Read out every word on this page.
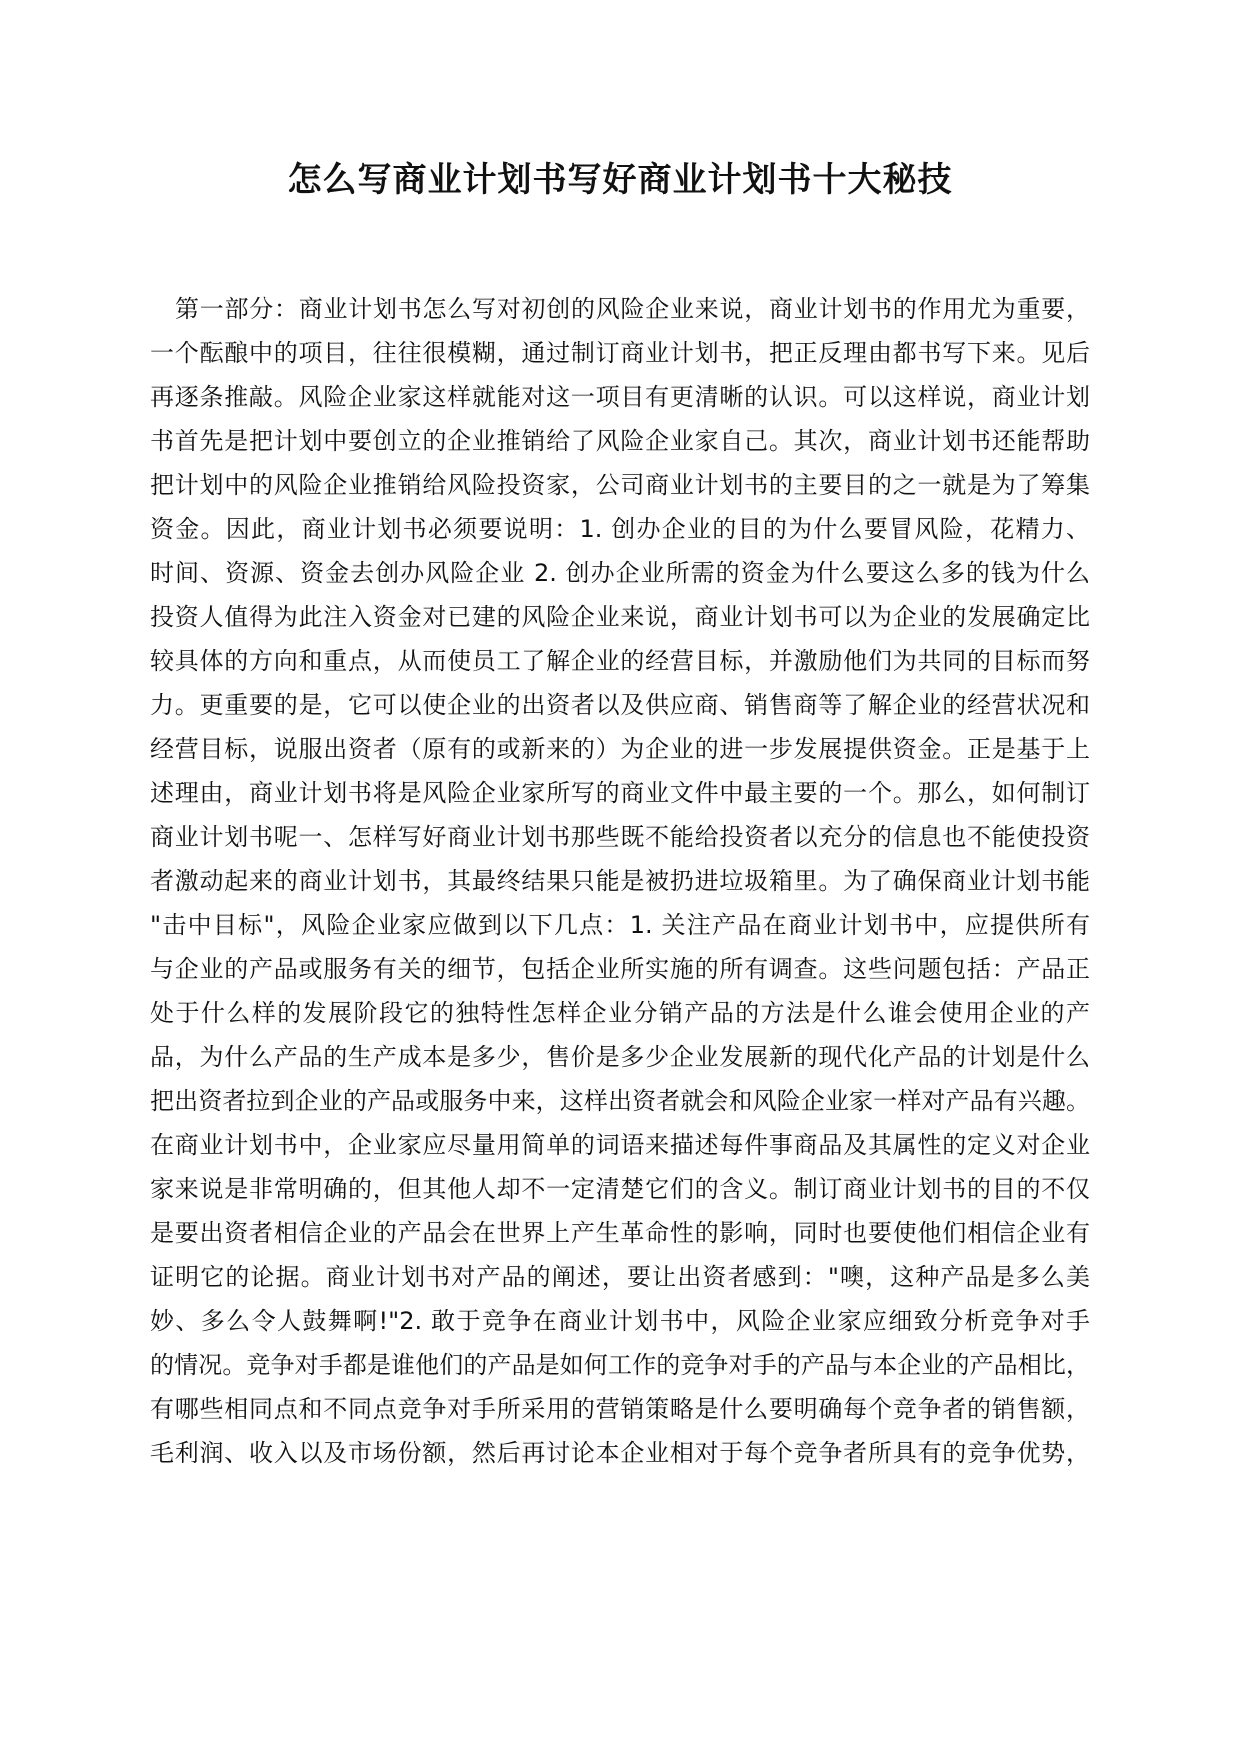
怎么写商业计划书写好商业计划书十大秘技
第一部分：商业计划书怎么写对初创的风险企业来说，商业计划书的作用尤为重要，
一个酝酿中的项目，往往很模糊，通过制订商业计划书，把正反理由都书写下来。见后
再逐条推敲。风险企业家这样就能对这一项目有更清晰的认识。可以这样说，商业计划
书首先是把计划中要创立的企业推销给了风险企业家自己。其次，商业计划书还能帮助
把计划中的风险企业推销给风险投资家，公司商业计划书的主要目的之一就是为了筹集
资金。因此，商业计划书必须要说明：1. 创办企业的目的为什么要冒风险，花精力、
时间、资源、资金去创办风险企业 2. 创办企业所需的资金为什么要这么多的钱为什么
投资人值得为此注入资金对已建的风险企业来说，商业计划书可以为企业的发展确定比
较具体的方向和重点，从而使员工了解企业的经营目标，并激励他们为共同的目标而努
力。更重要的是，它可以使企业的出资者以及供应商、销售商等了解企业的经营状况和
经营目标，说服出资者（原有的或新来的）为企业的进一步发展提供资金。正是基于上
述理由，商业计划书将是风险企业家所写的商业文件中最主要的一个。那么，如何制订
商业计划书呢一、怎样写好商业计划书那些既不能给投资者以充分的信息也不能使投资
者激动起来的商业计划书，其最终结果只能是被扔进垃圾箱里。为了确保商业计划书能
"击中目标"，风险企业家应做到以下几点：1. 关注产品在商业计划书中，应提供所有
与企业的产品或服务有关的细节，包括企业所实施的所有调查。这些问题包括：产品正
处于什么样的发展阶段它的独特性怎样企业分销产品的方法是什么谁会使用企业的产
品，为什么产品的生产成本是多少，售价是多少企业发展新的现代化产品的计划是什么
把出资者拉到企业的产品或服务中来，这样出资者就会和风险企业家一样对产品有兴趣。
在商业计划书中，企业家应尽量用简单的词语来描述每件事商品及其属性的定义对企业
家来说是非常明确的，但其他人却不一定清楚它们的含义。制订商业计划书的目的不仅
是要出资者相信企业的产品会在世界上产生革命性的影响，同时也要使他们相信企业有
证明它的论据。商业计划书对产品的阐述，要让出资者感到："噢，这种产品是多么美
妙、多么令人鼓舞啊!"2. 敢于竞争在商业计划书中，风险企业家应细致分析竞争对手
的情况。竞争对手都是谁他们的产品是如何工作的竞争对手的产品与本企业的产品相比，
有哪些相同点和不同点竞争对手所采用的营销策略是什么要明确每个竞争者的销售额，
毛利润、收入以及市场份额，然后再讨论本企业相对于每个竞争者所具有的竞争优势，
